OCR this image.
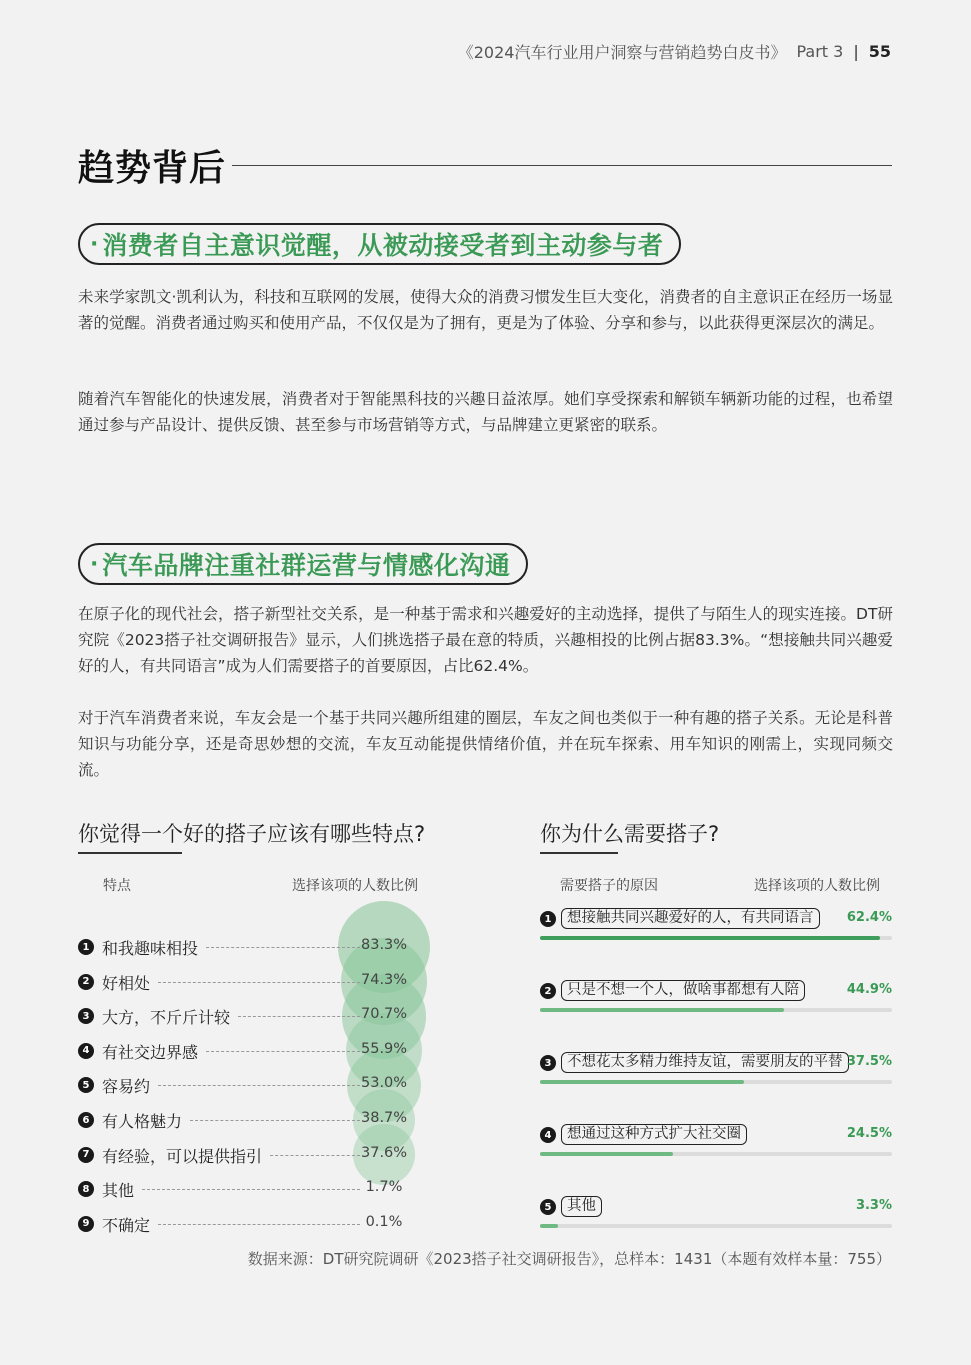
《2024汽车行业用户洞察与营销趋势白皮书》 Part 3 | 55
趋势背后
· 消费者自主意识觉醒，从被动接受者到主动参与者
未来学家凯文·凯利认为，科技和互联网的发展，使得大众的消费习惯发生巨大变化，消费者的自主意识正在经历一场显著的觉醒。消费者通过购买和使用产品，不仅仅是为了拥有，更是为了体验、分享和参与，以此获得更深层次的满足。
随着汽车智能化的快速发展，消费者对于智能黑科技的兴趣日益浓厚。她们享受探索和解锁车辆新功能的过程，也希望通过参与产品设计、提供反馈、甚至参与市场营销等方式，与品牌建立更紧密的联系。
· 汽车品牌注重社群运营与情感化沟通
在原子化的现代社会，搭子新型社交关系，是一种基于需求和兴趣爱好的主动选择，提供了与陌生人的现实连接。DT研究院《2023搭子社交调研报告》显示，人们挑选搭子最在意的特质，兴趣相投的比例占据83.3%。“想接触共同兴趣爱好的人，有共同语言”成为人们需要搭子的首要原因，占比62.4%。
对于汽车消费者来说，车友会是一个基于共同兴趣所组建的圈层，车友之间也类似于一种有趣的搭子关系。无论是科普知识与功能分享，还是奇思妙想的交流，车友互动能提供情绪价值，并在玩车探索、用车知识的刚需上，实现同频交流。
你觉得一个好的搭子应该有哪些特点?
特点	选择该项的人数比例
1 和我趣味相投	83.3%
2 好相处	74.3%
3 大方，不斤斤计较	70.7%
4 有社交边界感	55.9%
5 容易约	53.0%
6 有人格魅力	38.7%
7 有经验，可以提供指引	37.6%
8 其他	1.7%
9 不确定	0.1%
你为什么需要搭子?
需要搭子的原因	选择该项的人数比例
1	想接触共同兴趣爱好的人，有共同语言	62.4%
2	只是不想一个人，做啥事都想有人陪	44.9%
3	不想花太多精力维持友谊，需要朋友的平替 37.5%
4	想通过这种方式扩大社交圈	24.5%
5	其他	3.3%
数据来源：DT研究院调研《2023搭子社交调研报告》，总样本：1431（本题有效样本量：755）
